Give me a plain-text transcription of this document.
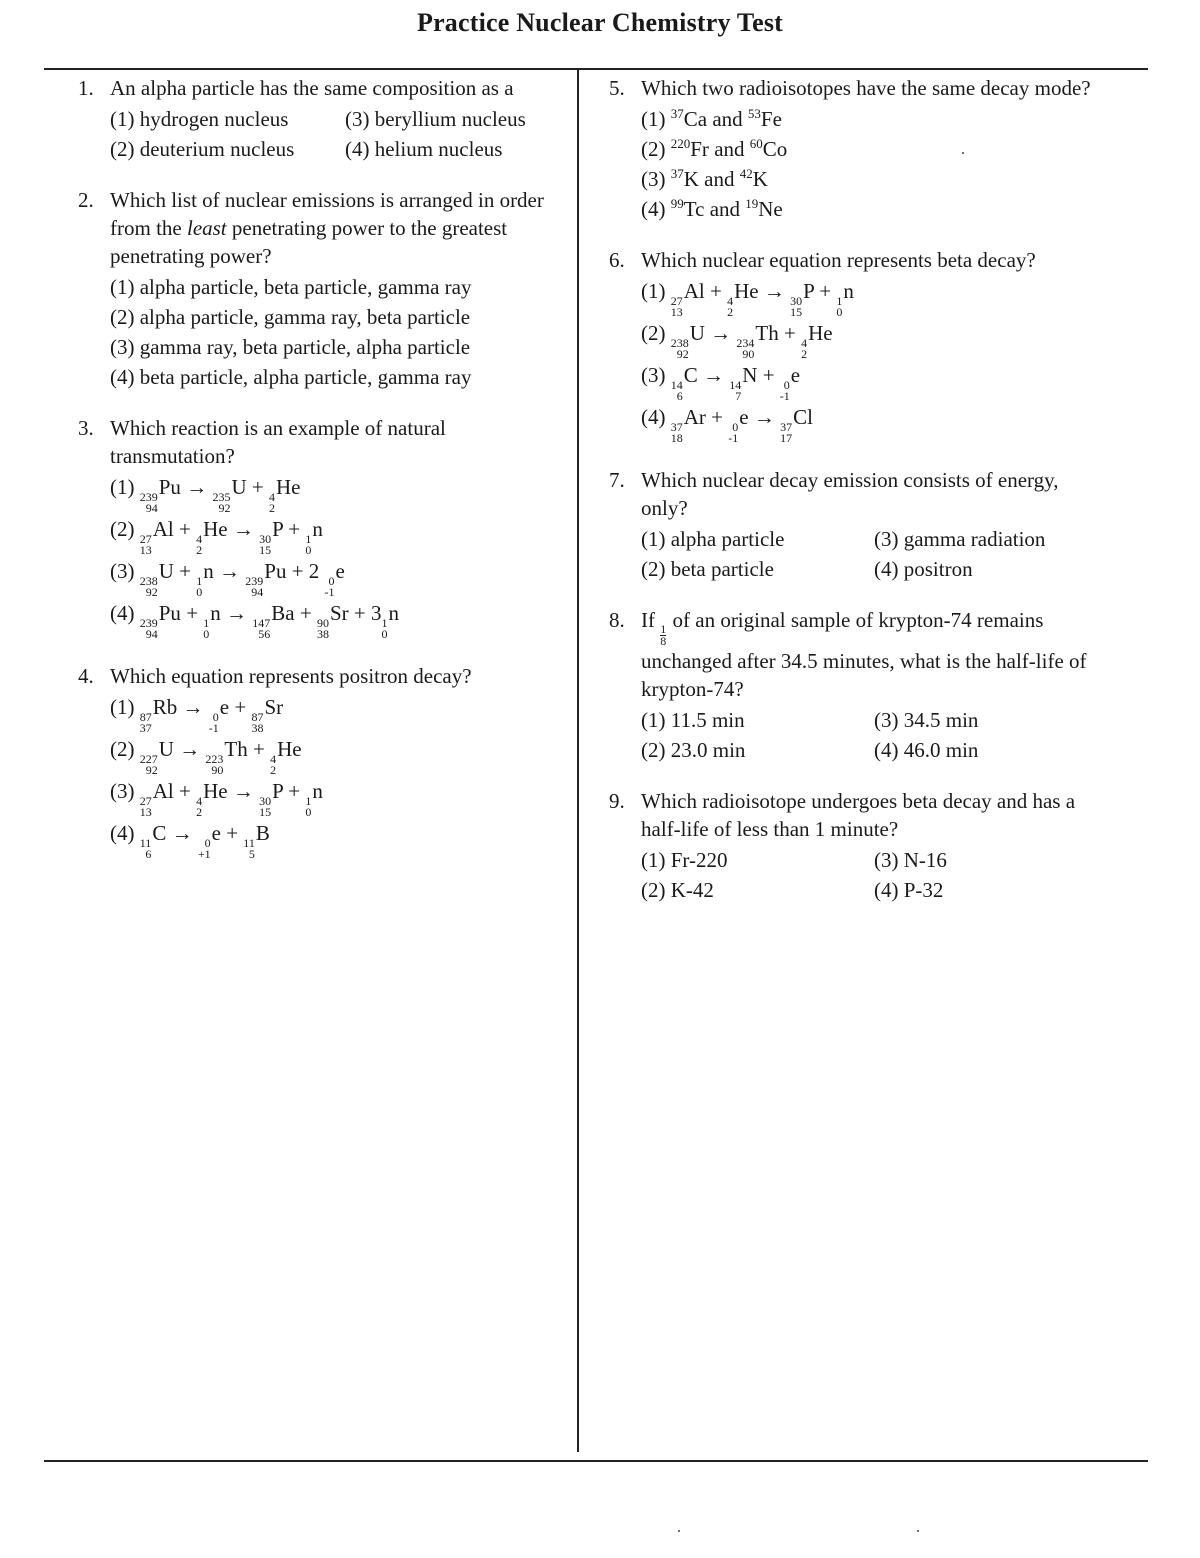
Practice Nuclear Chemistry Test
1. An alpha particle has the same composition as a
(1) hydrogen nucleus	(3) beryllium nucleus
(2) deuterium nucleus	(4) helium nucleus
2. Which list of nuclear emissions is arranged in order from the least penetrating power to the greatest penetrating power?
(1) alpha particle, beta particle, gamma ray
(2) alpha particle, gamma ray, beta particle
(3) gamma ray, beta particle, alpha particle
(4) beta particle, alpha particle, gamma ray
3. Which reaction is an example of natural transmutation?
(1) 239
94
Pu → 235
92
U + 4
2
He
(2) 27
13
Al + 4
2
He → 30
15
P + 1
0
n
(3) 238
92
U + 1
0
n → 239
94
Pu + 2 0
-1
e
(4) 239
94
Pu + 1
0
n → 147
56
Ba + 90
38
Sr + 3 1
0
n
4. Which equation represents positron decay?
(1) 87
37
Rb → 0
-1
e + 87
38
Sr
(2) 227
92
U → 223
90
Th + 4
2
He
(3) 27
13
Al + 4
2
He → 30
15
P + 1
0
n
(4) 11
6
C → 0
+1
e + 11
5
B
5. Which two radioisotopes have the same decay mode?
(1) $^{37}$Ca and $^{53}$Fe
(2) $^{220}$Fr and $^{60}$Co
(3) $^{37}$K and $^{42}$K
(4) $^{99}$Tc and $^{19}$Ne
6. Which nuclear equation represents beta decay?
(1) 27
13
Al + 4
2
He → 30
15
P + 1
0
n
(2) 238
92
U → 234
90
Th + 4
2
He
(3) 14
6
C → 14
7
N + 0
-1
e
(4) 37
18
Ar + 0
-1
e → 37
17
Cl
7. Which nuclear decay emission consists of energy, only?
(1) alpha particle	(3) gamma radiation
(2) beta particle	(4) positron
8. If
$\frac{1}{8}$
of an original sample of krypton-74 remains unchanged after 34.5 minutes, what is the half-life of krypton-74?
(1) 11.5 min	(3) 34.5 min
(2) 23.0 min	(4) 46.0 min
9. Which radioisotope undergoes beta decay and has a half-life of less than 1 minute?
(1) Fr-220	(3) N-16
(2) K-42	(4) P-32
